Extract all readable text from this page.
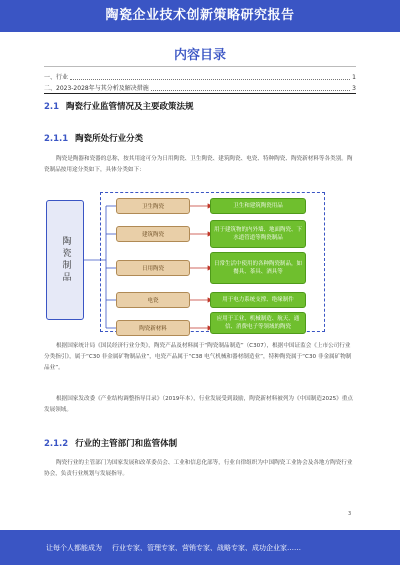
陶瓷企业技术创新策略研究报告
内容目录
一、行业	1
二、2023-2028年与其分析及解决措施	3
2.1 陶瓷行业监管情况及主要政策法规
2.1.1 陶瓷所处行业分类
陶瓷是陶器和瓷器的总称，按其用途可分为日用陶瓷、卫生陶瓷、建筑陶瓷、电瓷、特种陶瓷、陶瓷新材料等各类别。陶瓷制品按用途分类如下，具体分类如下：
陶瓷制品
卫生陶瓷	卫生和建筑陶瓷用品
建筑陶瓷
用于建筑物的内外墙、地面陶瓷、下水道管道等陶瓷制品
日用陶瓷
日常生活中使用的各种陶瓷制品，如餐具、茶具、酒具等
电瓷	用于电力系统支撑、绝缘制件
陶瓷新材料
应用于工业、机械制造、航天、通信、消费电子等领域的陶瓷
根据国家统计局《国民经济行业分类》，陶瓷产品及材料属于“陶瓷制品制造”（C307），根据中国证监会《上市公司行业分类指引》，属于“C30 非金属矿物制品业”，电瓷产品属于“C38 电气机械和器材制造业”，特种陶瓷属于“C30 非金属矿物制品业”。
根据国家发改委《产业结构调整指导目录》（2019年本），行业发展受到鼓励，陶瓷新材料被列为《中国制造2025》重点发展领域。
2.1.2 行业的主管部门和监管体制
陶瓷行业的主管部门为国家发展和改革委员会、工业和信息化部等，行业自律组织为中国陶瓷工业协会及各地方陶瓷行业协会，负责行业规划与发展指导。
3
让每个人都能成为 行业专家、管理专家、营销专家、战略专家、成功企业家……
